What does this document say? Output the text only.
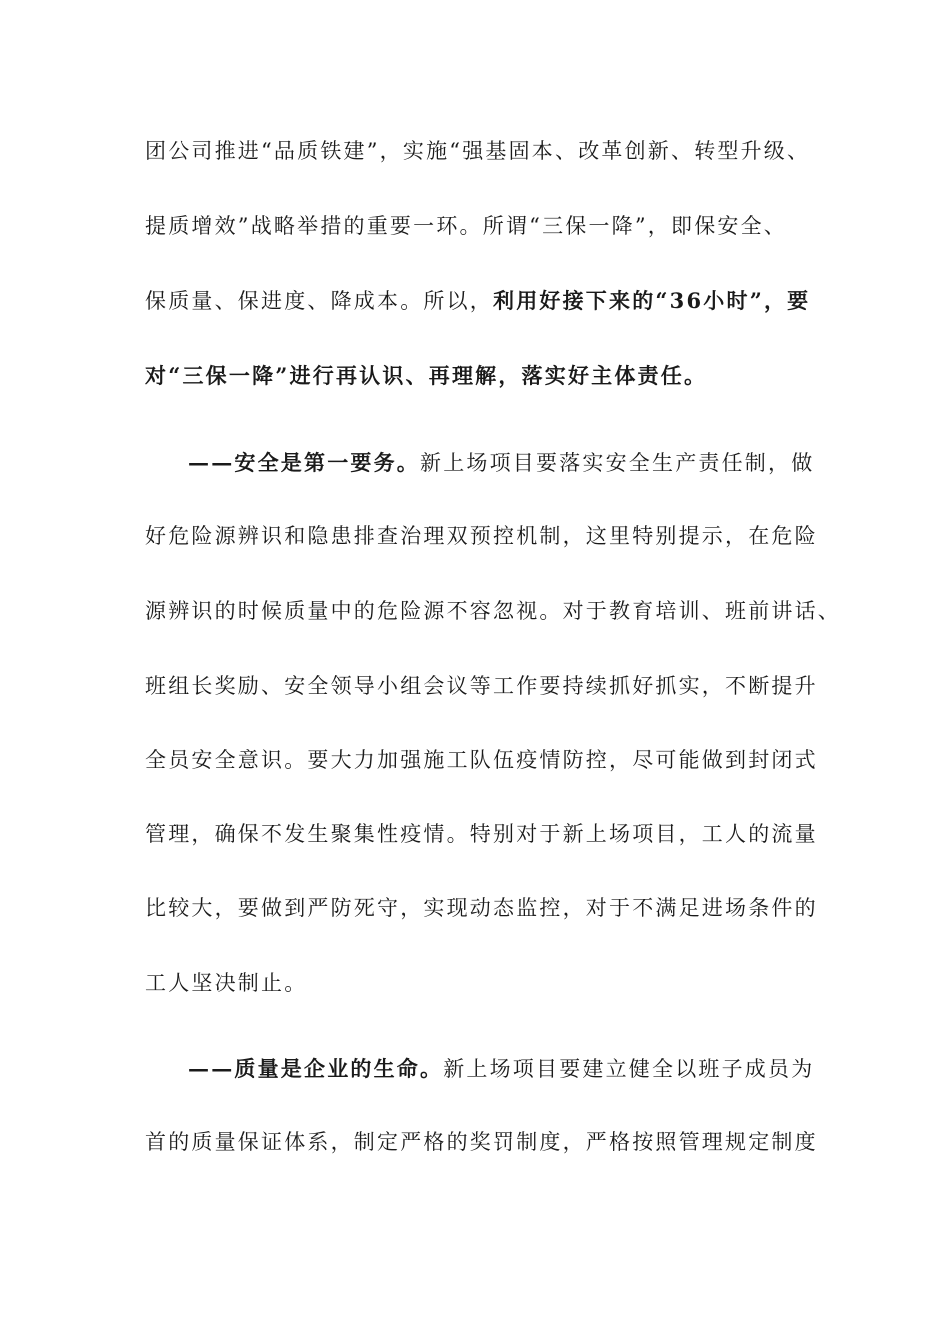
团公司推进“品质铁建”，实施“强基固本、改革创新、转型升级、
提质增效”战略举措的重要一环。所谓“三保一降”，即保安全、
保质量、保进度、降成本。所以，利用好接下来的“36小时”，要
对“三保一降”进行再认识、再理解，落实好主体责任。
——安全是第一要务。新上场项目要落实安全生产责任制，做
好危险源辨识和隐患排查治理双预控机制，这里特别提示，在危险
源辨识的时候质量中的危险源不容忽视。对于教育培训、班前讲话、
班组长奖励、安全领导小组会议等工作要持续抓好抓实，不断提升
全员安全意识。要大力加强施工队伍疫情防控，尽可能做到封闭式
管理，确保不发生聚集性疫情。特别对于新上场项目，工人的流量
比较大，要做到严防死守，实现动态监控，对于不满足进场条件的
工人坚决制止。
——质量是企业的生命。新上场项目要建立健全以班子成员为
首的质量保证体系，制定严格的奖罚制度，严格按照管理规定制度
